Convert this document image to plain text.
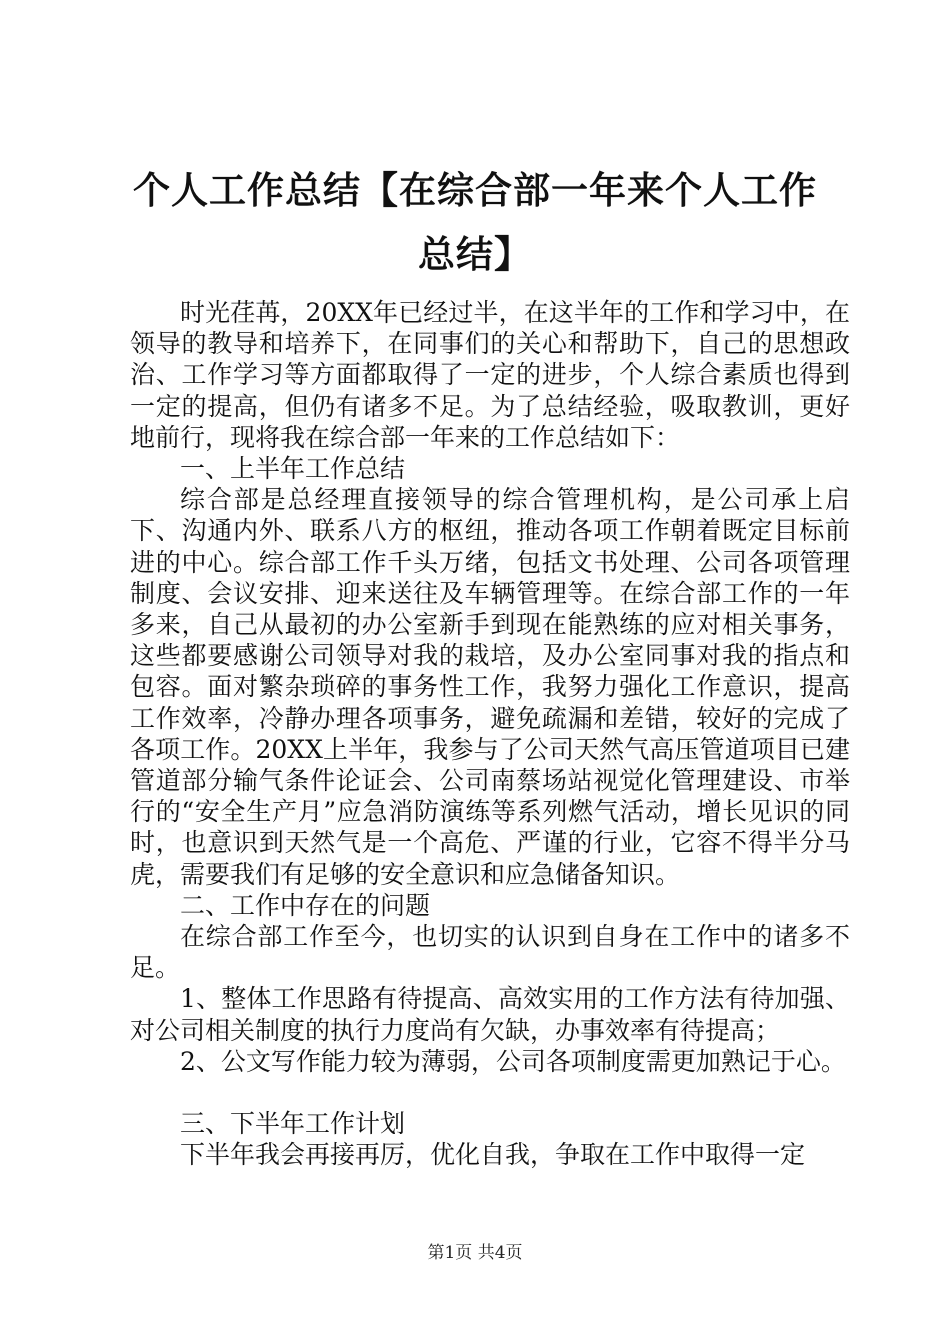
个人工作总结【在综合部一年来个人工作总结】

时光荏苒，20XX年已经过半，在这半年的工作和学习中，在领导的教导和培养下，在同事们的关心和帮助下，自己的思想政治、工作学习等方面都取得了一定的进步，个人综合素质也得到一定的提高，但仍有诸多不足。为了总结经验，吸取教训，更好地前行，现将我在综合部一年来的工作总结如下：

一、上半年工作总结

综合部是总经理直接领导的综合管理机构，是公司承上启下、沟通内外、联系八方的枢纽，推动各项工作朝着既定目标前进的中心。综合部工作千头万绪，包括文书处理、公司各项管理制度、会议安排、迎来送往及车辆管理等。在综合部工作的一年多来，自己从最初的办公室新手到现在能熟练的应对相关事务，这些都要感谢公司领导对我的栽培，及办公室同事对我的指点和包容。面对繁杂琐碎的事务性工作，我努力强化工作意识，提高工作效率，冷静办理各项事务，避免疏漏和差错，较好的完成了各项工作。20XX上半年，我参与了公司天然气高压管道项目已建管道部分输气条件论证会、公司南蔡场站视觉化管理建设、市举行的“安全生产月”应急消防演练等系列燃气活动，增长见识的同时，也意识到天然气是一个高危、严谨的行业，它容不得半分马虎，需要我们有足够的安全意识和应急储备知识。

二、工作中存在的问题

在综合部工作至今，也切实的认识到自身在工作中的诸多不足。

1、整体工作思路有待提高、高效实用的工作方法有待加强、对公司相关制度的执行力度尚有欠缺，办事效率有待提高；

2、公文写作能力较为薄弱，公司各项制度需更加熟记于心。

三、下半年工作计划

下半年我会再接再厉，优化自我，争取在工作中取得一定

第1页 共4页
